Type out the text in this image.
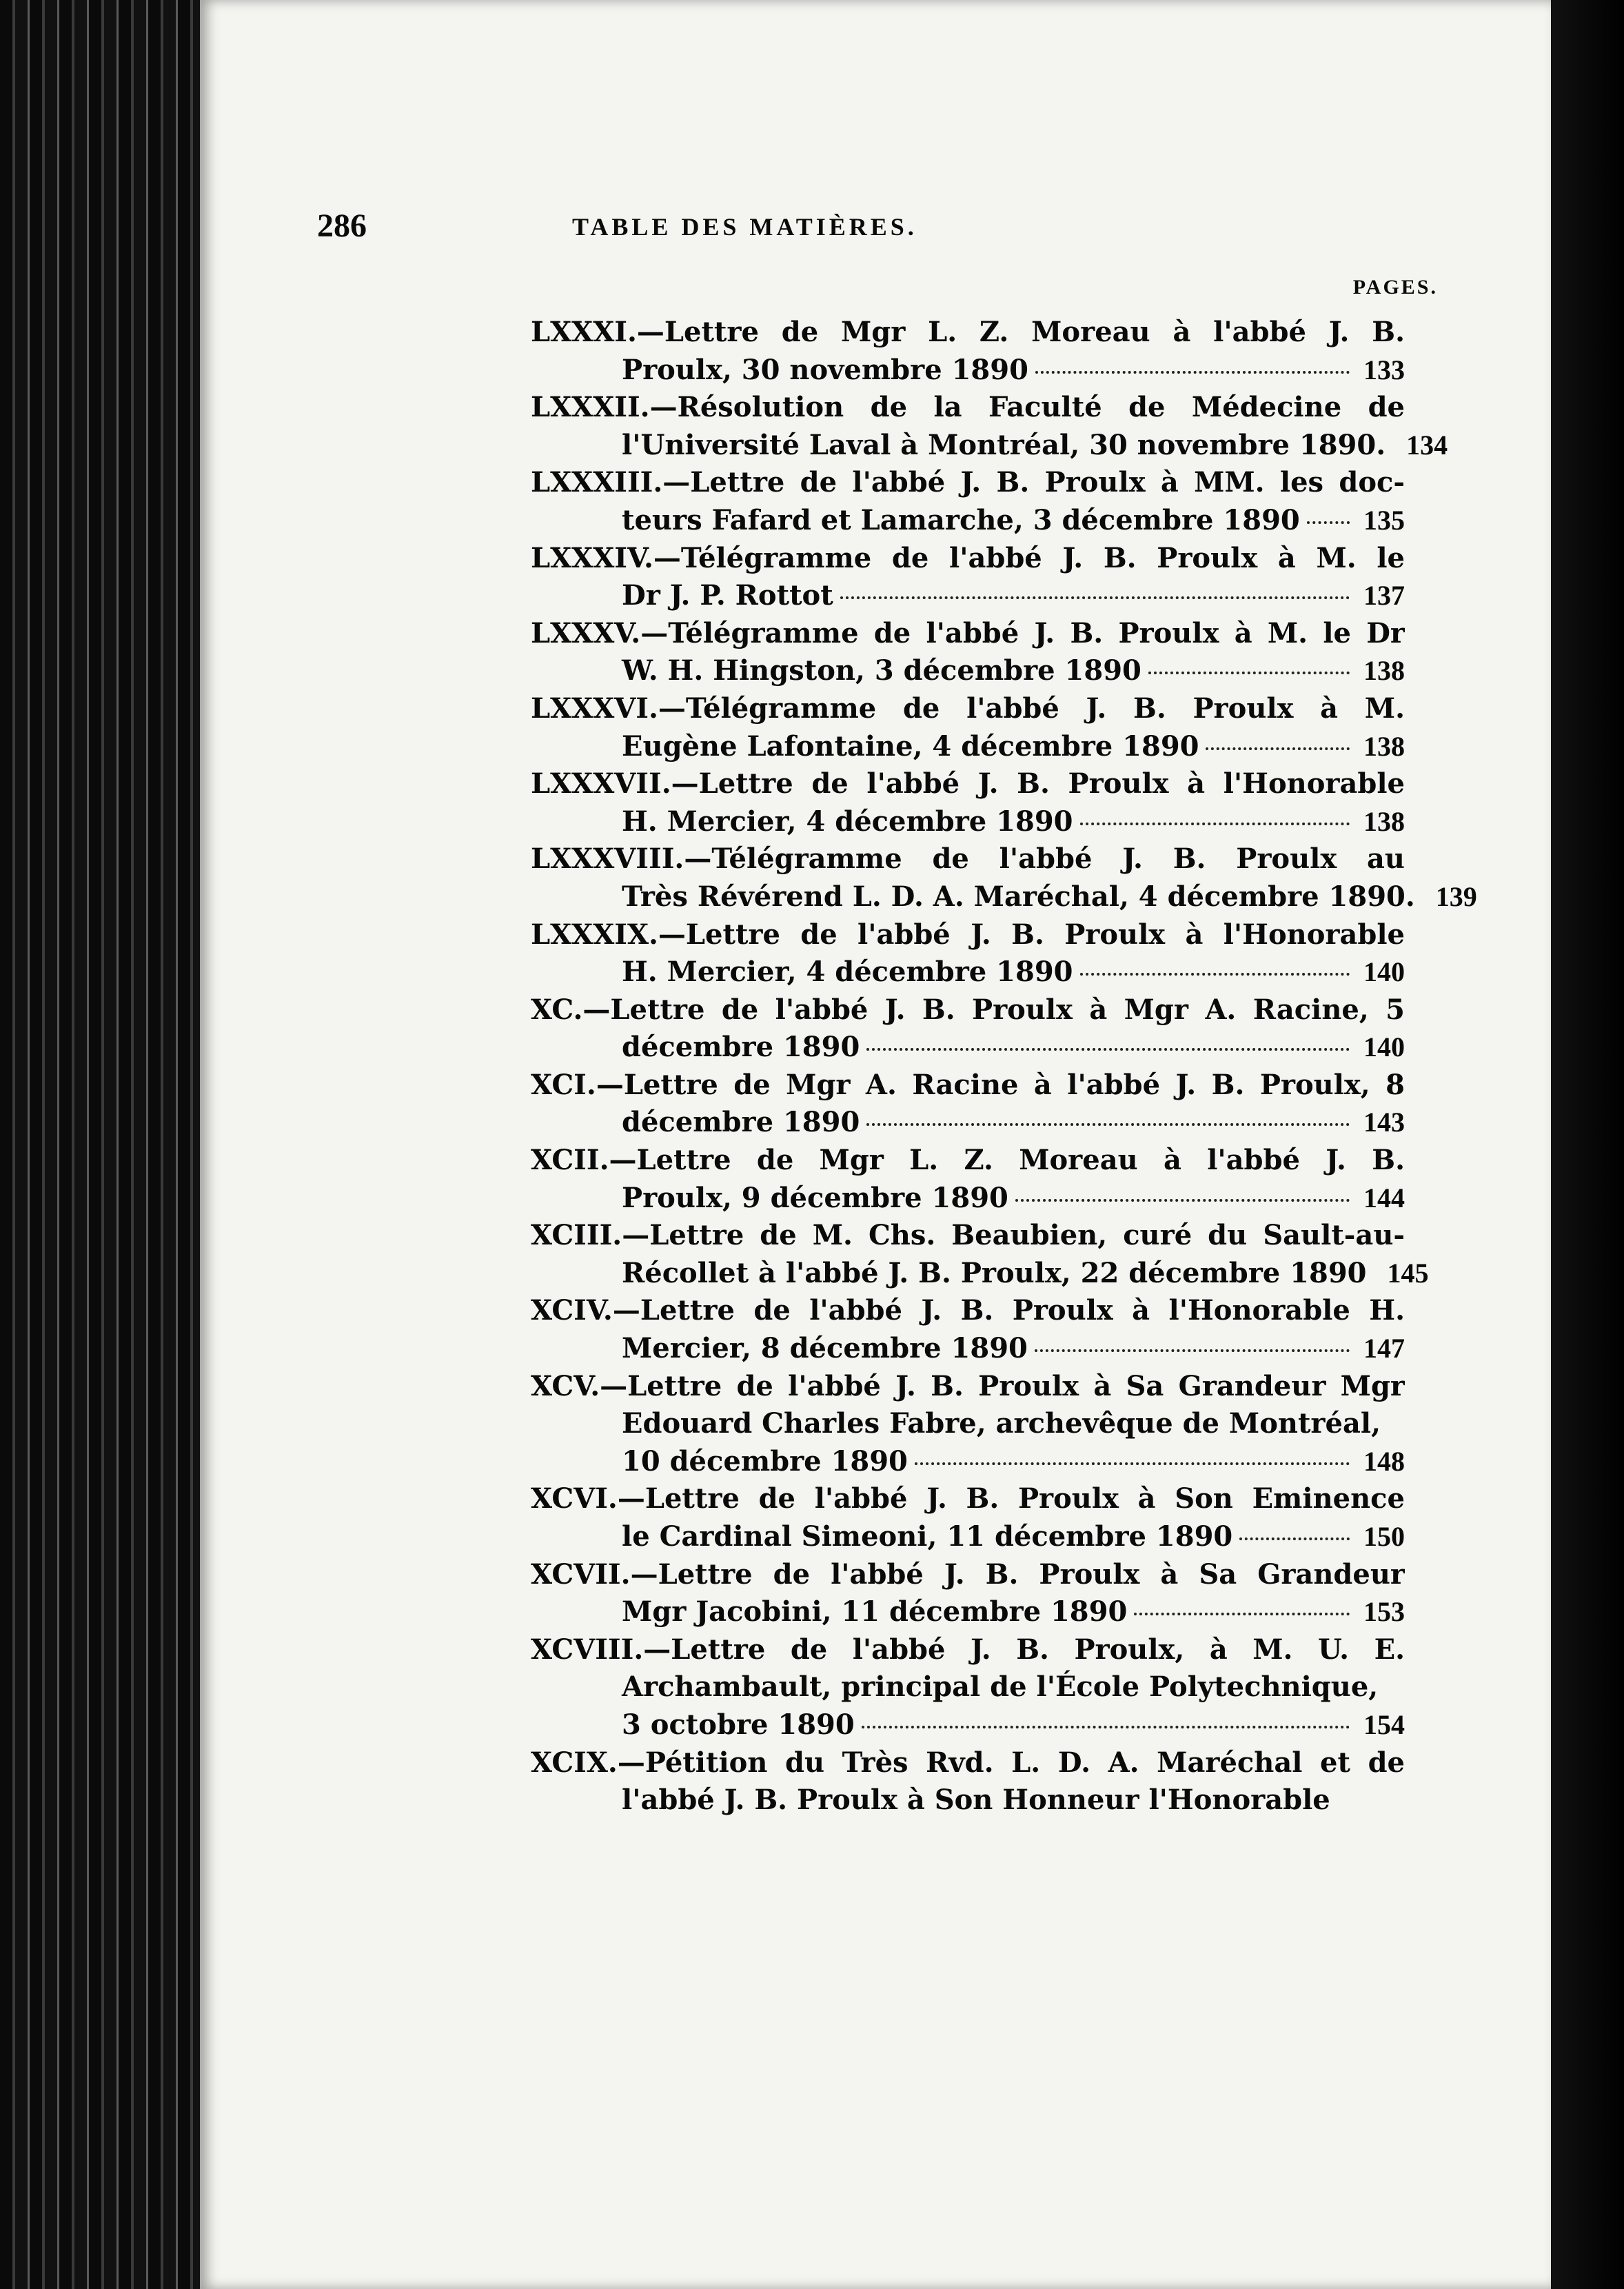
286	TABLE DES MATIÈRES.
PAGES.
LXXXI.—Lettre de Mgr L. Z. Moreau à l'abbé J. B.
Proulx, 30 novembre 1890	133
LXXXII.—Résolution de la Faculté de Médecine de
l'Université Laval à Montréal, 30 novembre 1890. 134
LXXXIII.—Lettre de l'abbé J. B. Proulx à MM. les doc-
teurs Fafard et Lamarche, 3 décembre 1890 135
LXXXIV.—Télégramme de l'abbé J. B. Proulx à M. le
Dr J. P. Rottot	137
LXXXV.—Télégramme de l'abbé J. B. Proulx à M. le Dr
W. H. Hingston, 3 décembre 1890	138
LXXXVI.—Télégramme de l'abbé J. B. Proulx à M.
Eugène Lafontaine, 4 décembre 1890	138
LXXXVII.—Lettre de l'abbé J. B. Proulx à l'Honorable
H. Mercier, 4 décembre 1890	138
LXXXVIII.—Télégramme de l'abbé J. B. Proulx au
Très Révérend L. D. A. Maréchal, 4 décembre 1890. 139
LXXXIX.—Lettre de l'abbé J. B. Proulx à l'Honorable
H. Mercier, 4 décembre 1890	140
XC.—Lettre de l'abbé J. B. Proulx à Mgr A. Racine, 5
décembre 1890	140
XCI.—Lettre de Mgr A. Racine à l'abbé J. B. Proulx, 8
décembre 1890	143
XCII.—Lettre de Mgr L. Z. Moreau à l'abbé J. B.
Proulx, 9 décembre 1890	144
XCIII.—Lettre de M. Chs. Beaubien, curé du Sault-au-
Récollet à l'abbé J. B. Proulx, 22 décembre 1890 145
XCIV.—Lettre de l'abbé J. B. Proulx à l'Honorable H.
Mercier, 8 décembre 1890	147
XCV.—Lettre de l'abbé J. B. Proulx à Sa Grandeur Mgr
Edouard Charles Fabre, archevêque de Montréal,
10 décembre 1890	148
XCVI.—Lettre de l'abbé J. B. Proulx à Son Eminence
le Cardinal Simeoni, 11 décembre 1890	150
XCVII.—Lettre de l'abbé J. B. Proulx à Sa Grandeur
Mgr Jacobini, 11 décembre 1890	153
XCVIII.—Lettre de l'abbé J. B. Proulx, à M. U. E.
Archambault, principal de l'École Polytechnique,
3 octobre 1890	154
XCIX.—Pétition du Très Rvd. L. D. A. Maréchal et de
l'abbé J. B. Proulx à Son Honneur l'Honorable
